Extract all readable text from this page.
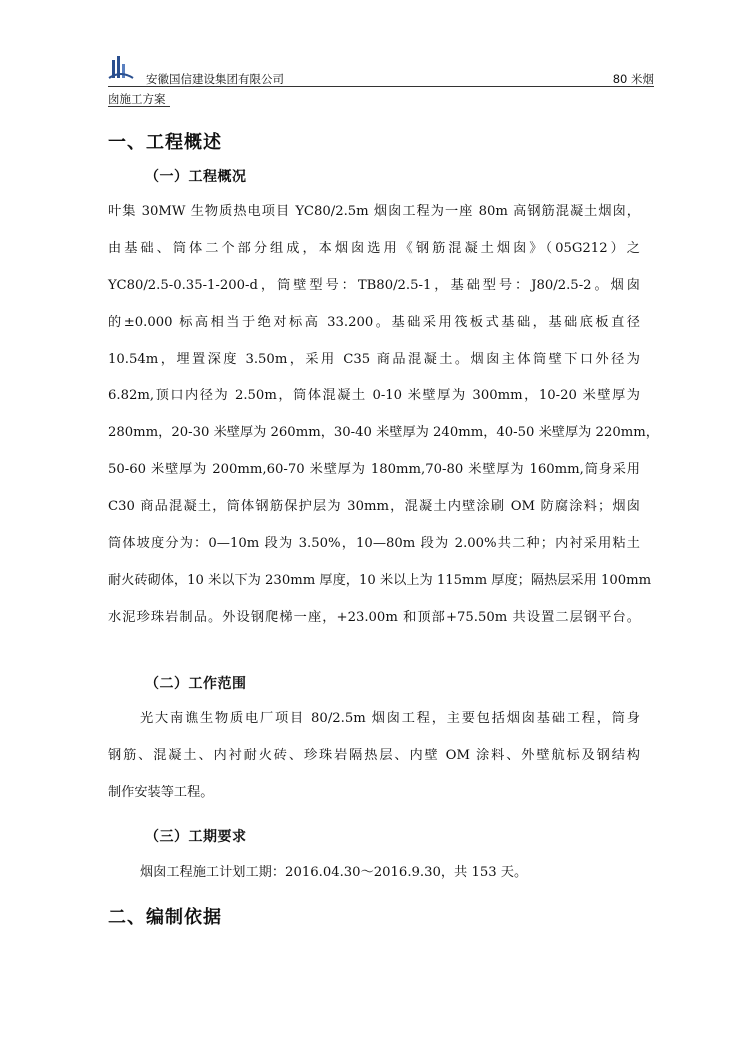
安徽国信建设集团有限公司	80 米烟
囱施工方案
一、工程概述
（一）工程概况
叶集 30MW 生物质热电项目 YC80/2.5m 烟囱工程为一座 80m 高钢筋混凝土烟囱，
由基础、筒体二个部分组成，本烟囱选用《钢筋混凝土烟囱》（05G212）之
YC80/2.5-0.35-1-200-d，筒壁型号：TB80/2.5-1，基础型号：J80/2.5-2。烟囱
的±0.000 标高相当于绝对标高 33.200。基础采用筏板式基础，基础底板直径
10.54m，埋置深度 3.50m，采用 C35 商品混凝土。烟囱主体筒壁下口外径为
6.82m,顶口内径为 2.50m，筒体混凝土 0-10 米壁厚为 300mm，10-20 米壁厚为
280mm，20-30 米壁厚为 260mm，30-40 米壁厚为 240mm，40-50 米壁厚为 220mm，
50-60 米壁厚为 200mm,60-70 米壁厚为 180mm,70-80 米壁厚为 160mm,筒身采用
C30 商品混凝土，筒体钢筋保护层为 30mm，混凝土内壁涂刷 OM 防腐涂料；烟囱
筒体坡度分为：0—10m 段为 3.50%，10—80m 段为 2.00%共二种；内衬采用粘土
耐火砖砌体，10 米以下为 230mm 厚度，10 米以上为 115mm 厚度；隔热层采用 100mm
水泥珍珠岩制品。外设钢爬梯一座，+23.00m 和顶部+75.50m 共设置二层钢平台。
（二）工作范围
光大南谯生物质电厂项目 80/2.5m 烟囱工程，主要包括烟囱基础工程，筒身
钢筋、混凝土、内衬耐火砖、珍珠岩隔热层、内壁 OM 涂料、外壁航标及钢结构
制作安装等工程。
（三）工期要求
烟囱工程施工计划工期：2016.04.30～2016.9.30，共 153 天。
二、编制依据
